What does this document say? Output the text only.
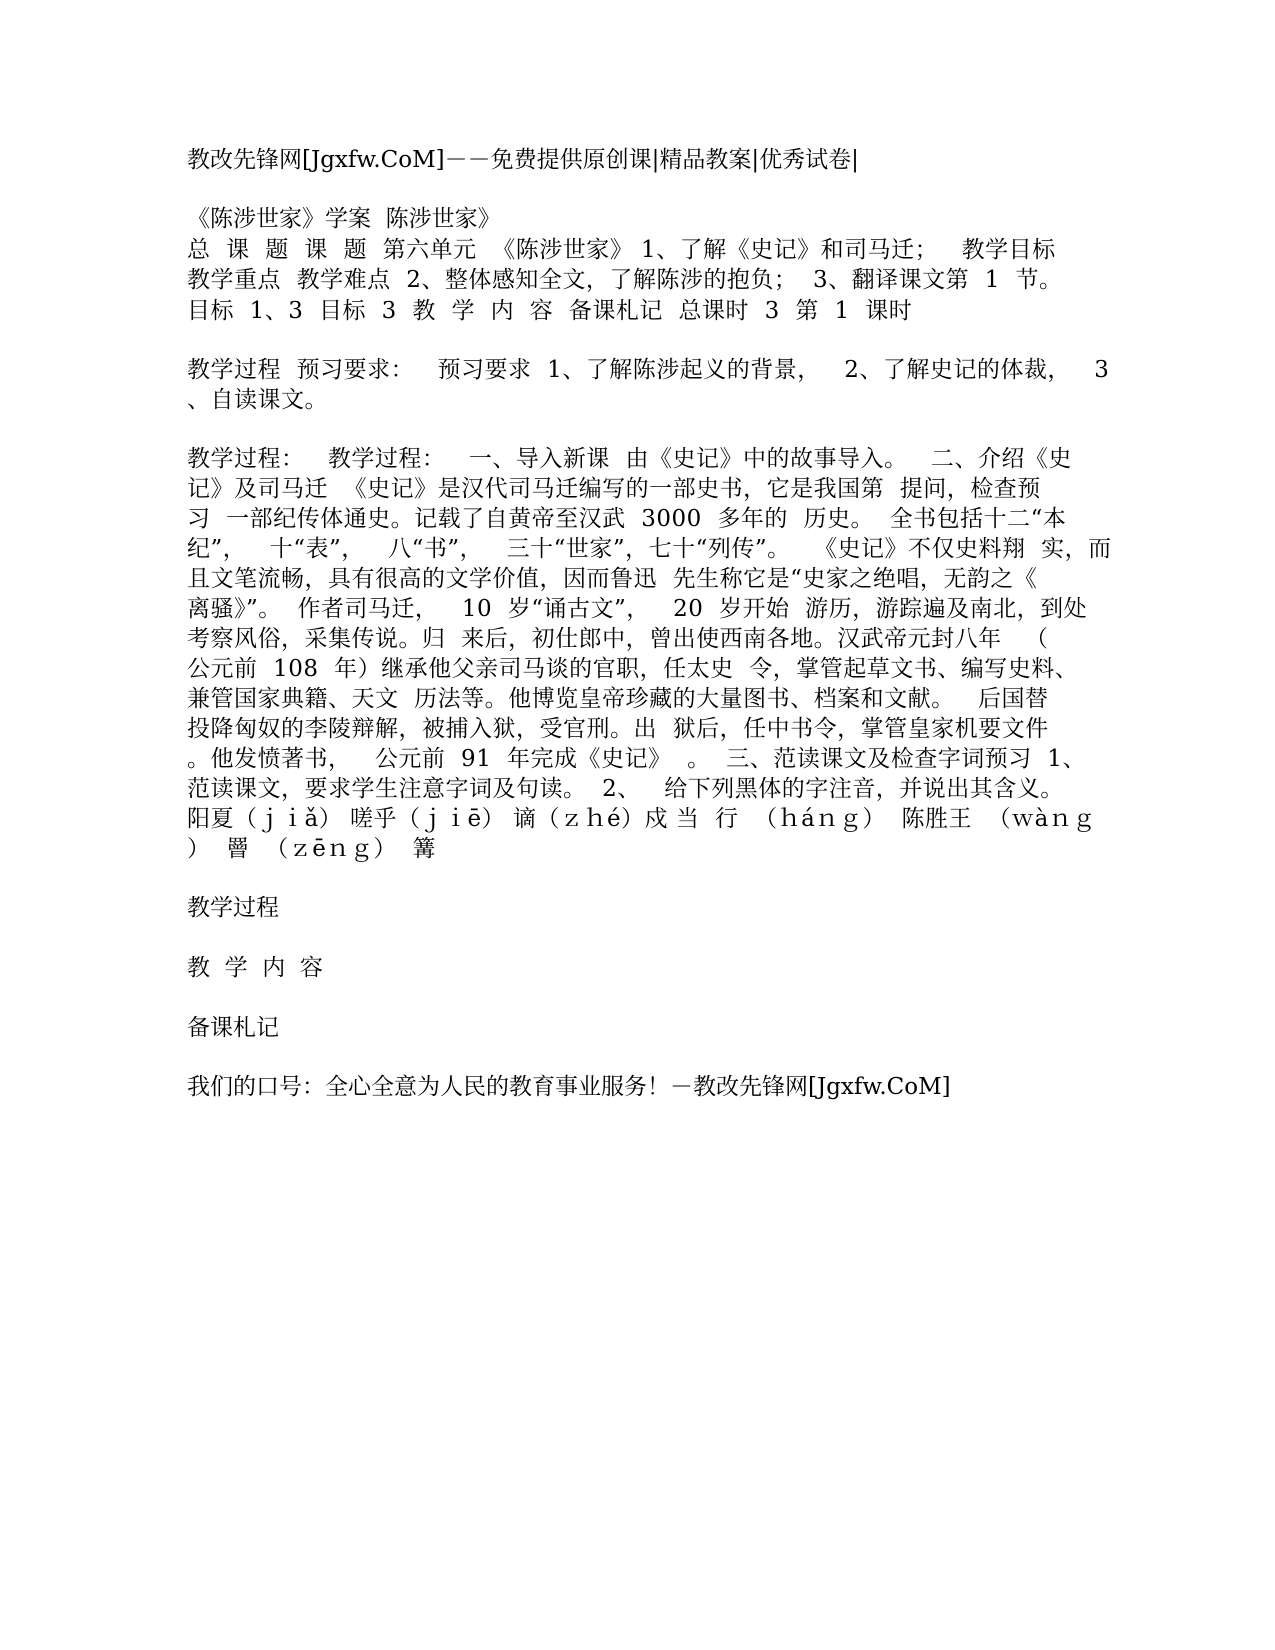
教改先锋网[Jgxfw.CoM]－－免费提供原创课|精品教案|优秀试卷|
《陈涉世家》学案  陈涉世家》
总  课  题  课  题  第六单元  《陈涉世家》 1、了解《史记》和司马迁；   教学目标
教学重点  教学难点  2、整体感知全文，了解陈涉的抱负；  3、翻译课文第  1  节。
目标  1、3  目标  3  教  学  内  容  备课札记  总课时  3  第  1  课时
教学过程  预习要求：   预习要求  1、了解陈涉起义的背景，   2、了解史记的体裁，   3
、自读课文。
教学过程：   教学过程：   一、导入新课  由《史记》中的故事导入。   二、介绍《史
记》及司马迁  《史记》是汉代司马迁编写的一部史书，它是我国第  提问，检查预
习  一部纪传体通史。记载了自黄帝至汉武  3000  多年的  历史。  全书包括十二“本
纪”，   十“表”，   八“书”，   三十“世家”，七十“列传”。   《史记》不仅史料翔  实，而
且文笔流畅，具有很高的文学价值，因而鲁迅  先生称它是“史家之绝唱，无韵之《
离骚》”。  作者司马迁，   10  岁“诵古文”，   20  岁开始  游历，游踪遍及南北，到处
考察风俗，采集传说。归  来后，初仕郎中，曾出使西南各地。汉武帝元封八年   （
公元前  108  年）继承他父亲司马谈的官职，任太史  令，掌管起草文书、编写史料、
兼管国家典籍、天文  历法等。他博览皇帝珍藏的大量图书、档案和文献。   后国替
投降匈奴的李陵辩解，被捕入狱，受官刑。出  狱后，任中书令，掌管皇家机要文件
。他发愤著书，   公元前  91  年完成《史记》  。  三、范读课文及检查字词预习  1、
范读课文，要求学生注意字词及句读。  2、   给下列黑体的字注音，并说出其含义。
阳夏（ｊｉǎ） 嗟乎（ｊｉē） 谪（ｚｈé）戍 当  行  （ｈáｎｇ）  陈胜王  （ｗàｎｇ
）  罾  （ｚēｎｇ）  篝
教学过程
教  学  内  容
备课札记
我们的口号：全心全意为人民的教育事业服务！－教改先锋网[Jgxfw.CoM]
